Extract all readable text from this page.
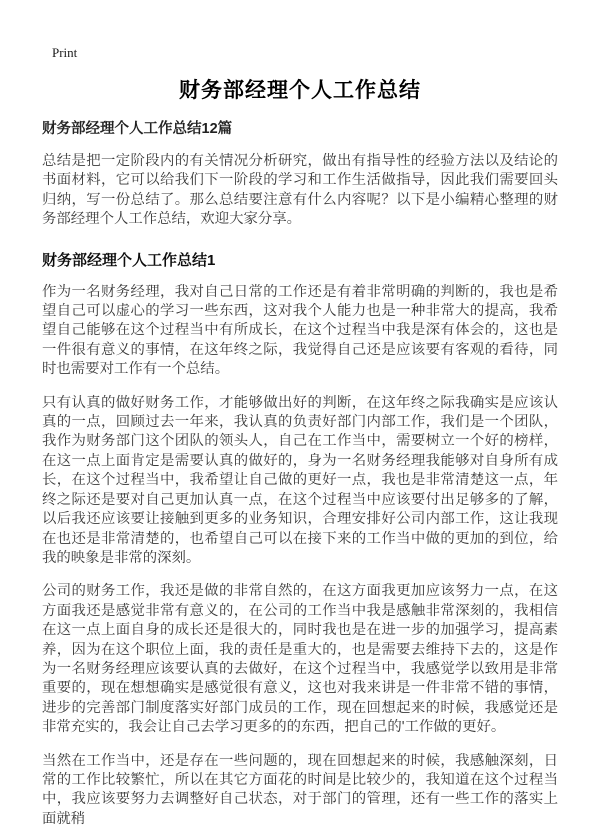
Print
财务部经理个人工作总结

财务部经理个人工作总结12篇

总结是把一定阶段内的有关情况分析研究，做出有指导性的经验方法以及结论的书面材料，它可以给我们下一阶段的学习和工作生活做指导，因此我们需要回头归纳，写一份总结了。那么总结要注意有什么内容呢？以下是小编精心整理的财务部经理个人工作总结，欢迎大家分享。

财务部经理个人工作总结1

作为一名财务经理，我对自己日常的工作还是有着非常明确的判断的，我也是希望自己可以虚心的学习一些东西，这对我个人能力也是一种非常大的提高，我希望自己能够在这个过程当中有所成长，在这个过程当中我是深有体会的，这也是一件很有意义的事情，在这年终之际，我觉得自己还是应该要有客观的看待，同时也需要对工作有一个总结。

只有认真的做好财务工作，才能够做出好的判断，在这年终之际我确实是应该认真的一点，回顾过去一年来，我认真的负责好部门内部工作，我们是一个团队，我作为财务部门这个团队的领头人，自己在工作当中，需要树立一个好的榜样，在这一点上面肯定是需要认真的做好的，身为一名财务经理我能够对自身所有成长，在这个过程当中，我希望让自己做的更好一点，我也是非常清楚这一点，年终之际还是要对自己更加认真一点，在这个过程当中应该要付出足够多的了解，以后我还应该要让接触到更多的业务知识，合理安排好公司内部工作，这让我现在也还是非常清楚的，也希望自己可以在接下来的工作当中做的更加的到位，给我的映象是非常的深刻。

公司的财务工作，我还是做的非常自然的，在这方面我更加应该努力一点，在这方面我还是感觉非常有意义的，在公司的工作当中我是感触非常深刻的，我相信在这一点上面自身的成长还是很大的，同时我也是在进一步的加强学习，提高素养，因为在这个职位上面，我的责任是重大的，也是需要去维持下去的，这是作为一名财务经理应该要认真的去做好，在这个过程当中，我感觉学以致用是非常重要的，现在想想确实是感觉很有意义，这也对我来讲是一件非常不错的事情，进步的完善部门制度落实好部门成员的工作，现在回想起来的时候，我感觉还是非常充实的，我会让自己去学习更多的的东西，把自己的'工作做的更好。

当然在工作当中，还是存在一些问题的，现在回想起来的时候，我感触深刻，日常的工作比较繁忙，所以在其它方面花的时间是比较少的，我知道在这个过程当中，我应该要努力去调整好自己状态，对于部门的管理，还有一些工作的落实上面就稍
